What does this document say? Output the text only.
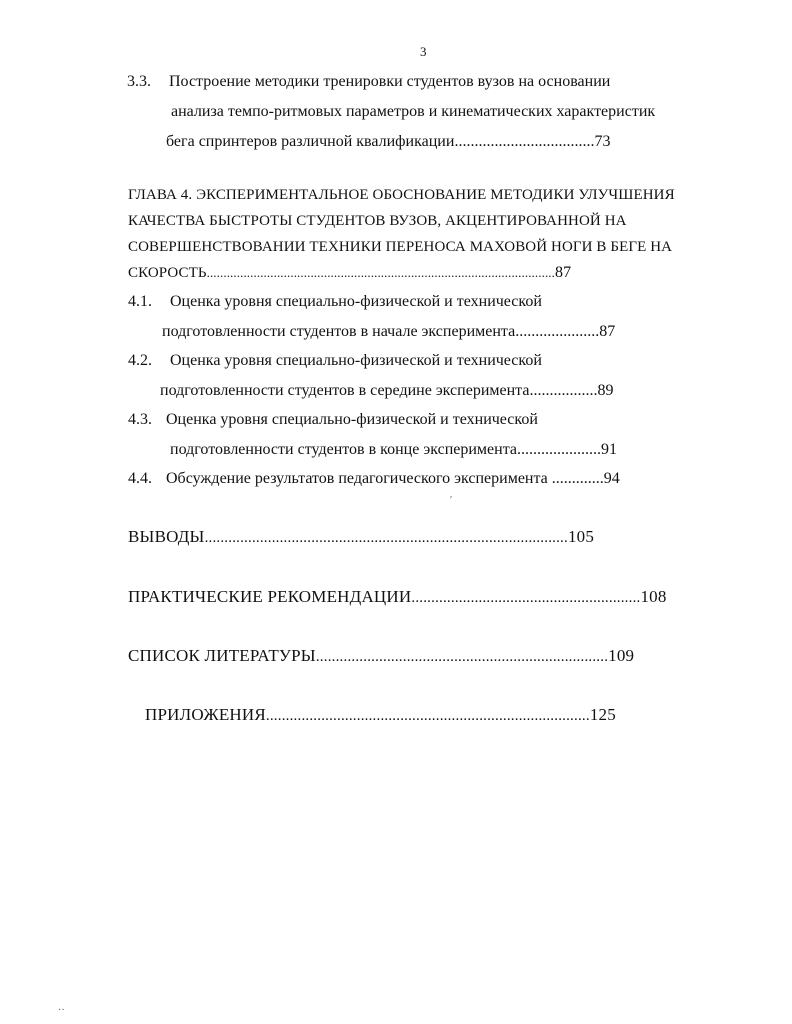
3
3.3. Построение методики тренировки студентов вузов на основании
анализа темпо-ритмовых параметров и кинематических характеристик
бега спринтеров различной квалификации...................................73
ГЛАВА 4. ЭКСПЕРИМЕНТАЛЬНОЕ ОБОСНОВАНИЕ МЕТОДИКИ УЛУЧШЕНИЯ
КАЧЕСТВА БЫСТРОТЫ СТУДЕНТОВ ВУЗОВ, АКЦЕНТИРОВАННОЙ НА
СОВЕРШЕНСТВОВАНИИ ТЕХНИКИ ПЕРЕНОСА МАХОВОЙ НОГИ В БЕГЕ НА
СКОРОСТЬ........................................................................................................87
4.1. Оценка уровня специально-физической и технической
подготовленности студентов в начале эксперимента.....................87
4.2. Оценка уровня специально-физической и технической
подготовленности студентов в середине эксперимента.................89
4.3. Оценка уровня специально-физической и технической
подготовленности студентов в конце эксперимента.....................91
4.4. Обсуждение результатов педагогического эксперимента .............94
ВЫВОДЫ............................................................................................105
ПРАКТИЧЕСКИЕ РЕКОМЕНДАЦИИ..........................................................108
СПИСОК ЛИТЕРАТУРЫ..........................................................................109
ПРИЛОЖЕНИЯ..................................................................................125
′
··
